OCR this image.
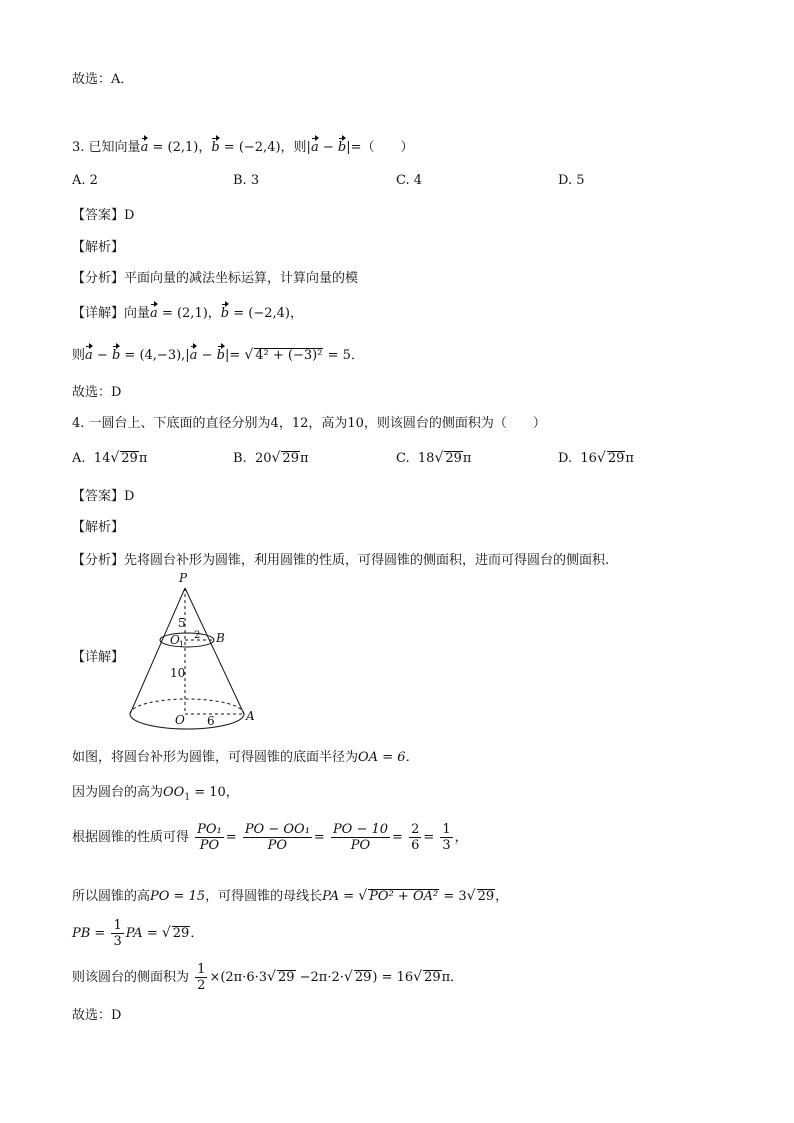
故选：A．
3. 已知向量a = (2,1)，b = (−2,4)，则|a − b|=（　　）
A. 2	B. 3	C. 4	D. 5
【答案】D
【解析】
【分析】平面向量的减法坐标运算，计算向量的模
【详解】向量a = (2,1)，b = (−2,4)，
则a − b = (4,−3),|a − b|= √ 4² + (−3)² = 5．
故选：D
4. 一圆台上、下底面的直径分别为4，12，高为10，则该圆台的侧面积为（　　）
A. 14√ 29π	B. 20√ 29π	C. 18√ 29π	D. 16√ 29π
【答案】D
【解析】
【分析】先将圆台补形为圆锥，利用圆锥的性质，可得圆锥的侧面积，进而可得圆台的侧面积.
【详解】
P
O 1	B
O	A
5
2
10
6
如图，将圆台补形为圆锥，可得圆锥的底面半径为OA = 6．
因为圆台的高为$OO_1 = 10$，
根据圆锥的性质可得 $\frac{\text{PO₁}}{PO} = \frac{\text{PO − OO₁}}{PO} = \frac{PO - 10}{PO} = \frac{2}{6} = \frac{1}{3}$ ，
所以圆锥的高PO = 15，可得圆锥的母线长PA = √ PO² + OA² = 3√ 29，
PB = $\frac{1}{3}$ PA = √ 29．
则该圆台的侧面积为 $\frac{1}{2} \times(2\pi\cdot 6\cdot 3√$ 29 −2π·2·√ 29) = 16√ 29π．
故选：D
